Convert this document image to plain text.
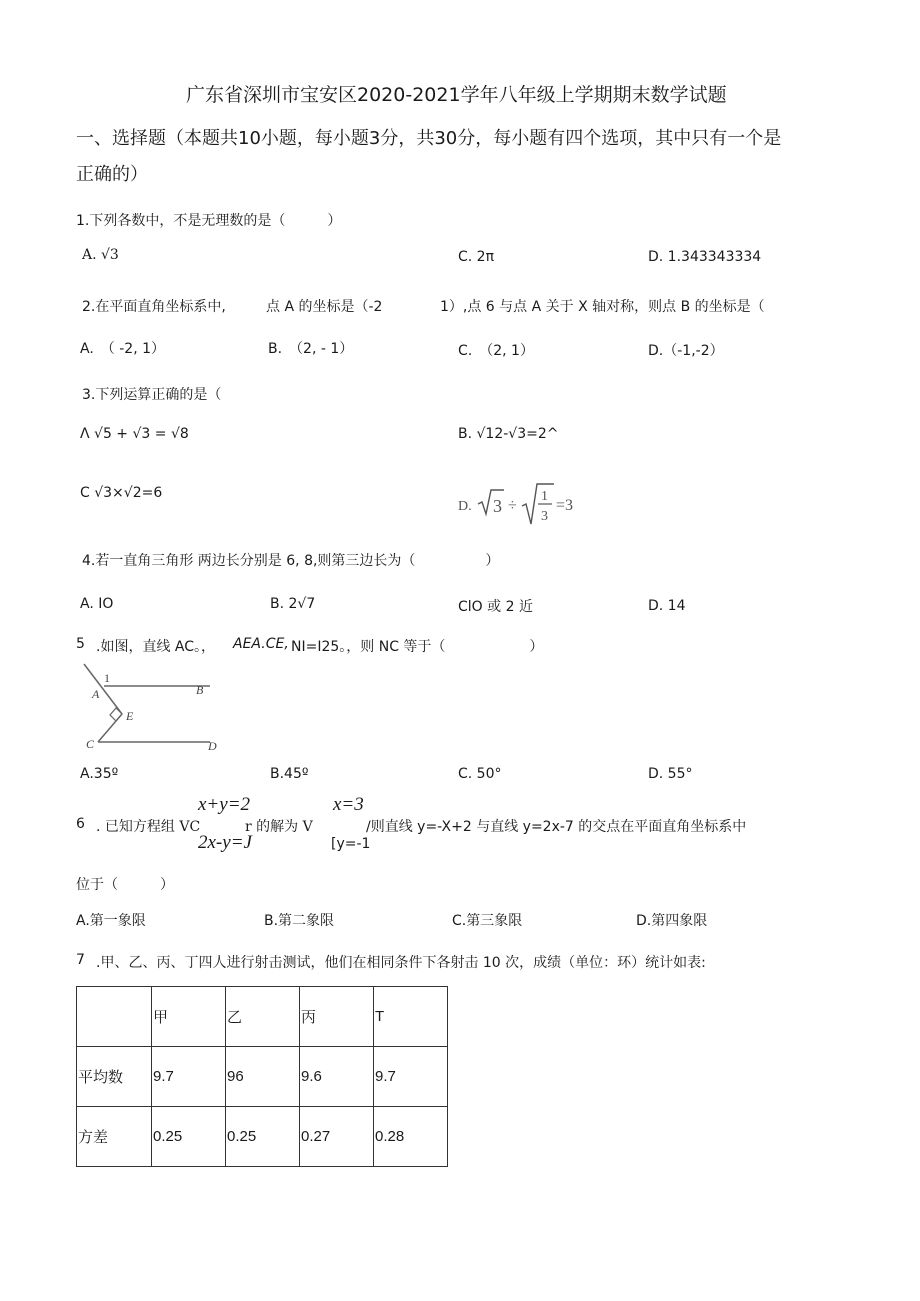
广东省深圳市宝安区2020-2021学年八年级上学期期末数学试题
一、选择题（本题共10小题，每小题3分，共30分，每小题有四个选项，其中只有一个是
正确的）
1.下列各数中，不是无理数的是（　　　）
A. √3	C. 2π	D. 1.343343334
2.在平面直角坐标系中,	点 A 的坐标是（-2	1）,点 6 与点 A 关于 X 轴对称，则点 B 的坐标是（
A.　（ -2, 1）	B.　（2, - 1）	C.　（2, 1）	D.（-1,-2）
3.下列运算正确的是（
Λ √5 + √3 = √8	B. √12-√3=2^
C √3×√2=6
D. 3 ÷
1
3
=3
4.若一直角三角形 两边长分别是 6, 8,则第三边长为（　　　　　）
A. IO	B. 2√7	ClO 或 2 近	D. 14
5 .如图，直线 AC。， AEA.CE, NI=I25。，则 NC 等于（　　　　　　）
1
A	B
E
C	D
A.35º	B.45º	C. 50°	D. 55°
x+y=2	x=3
6 . 已知方程组 VC	r 的解为 V	/则直线 y=-X+2 与直线 y=2x-7 的交点在平面直角坐标系中
2x-y=J	[y=-1
位于（　　　）
A.第一象限	B.第二象限	C.第三象限	D.第四象限
7 .甲、乙、丙、丁四人进行射击测试，他们在相同条件下各射击 10 次，成绩（单位：环）统计如表:
	甲	乙	丙	T
平均数	9.7	96	9.6	9.7
方差	0.25	0.25	0.27	0.28
